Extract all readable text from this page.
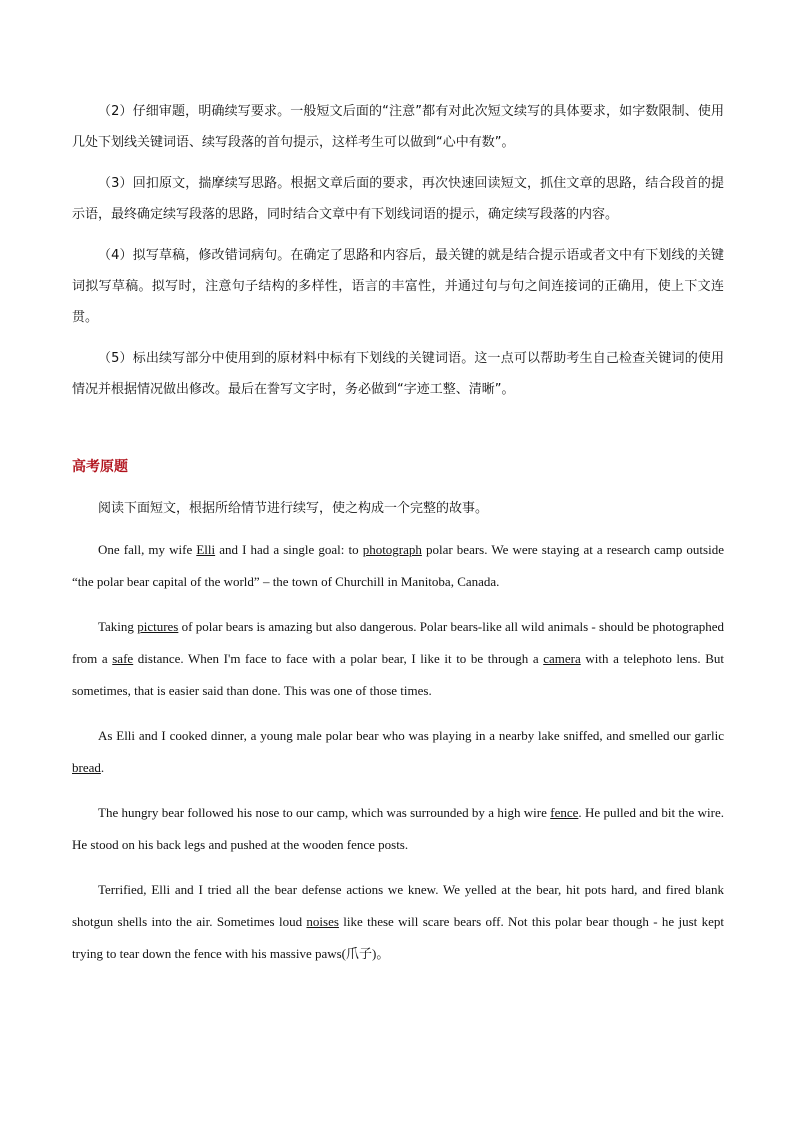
（2）仔细审题，明确续写要求。一般短文后面的“注意”都有对此次短文续写的具体要求，如字数限制、使用几处下划线关键词语、续写段落的首句提示，这样考生可以做到“心中有数”。

（3）回扣原文，揣摩续写思路。根据文章后面的要求，再次快速回读短文，抓住文章的思路，结合段首的提示语，最终确定续写段落的思路，同时结合文章中有下划线词语的提示，确定续写段落的内容。

（4）拟写草稿，修改错词病句。在确定了思路和内容后，最关键的就是结合提示语或者文中有下划线的关键词拟写草稿。拟写时，注意句子结构的多样性，语言的丰富性，并通过句与句之间连接词的正确用，使上下文连贯。

（5）标出续写部分中使用到的原材料中标有下划线的关键词语。这一点可以帮助考生自己检查关键词的使用情况并根据情况做出修改。最后在誊写文字时，务必做到“字迹工整、清晰”。

高考原题

阅读下面短文，根据所给情节进行续写，使之构成一个完整的故事。

One fall, my wife Elli and I had a single goal: to photograph polar bears. We were staying at a research camp outside “the polar bear capital of the world” – the town of Churchill in Manitoba, Canada.

Taking pictures of polar bears is amazing but also dangerous. Polar bears-like all wild animals - should be photographed from a safe distance. When I'm face to face with a polar bear, I like it to be through a camera with a telephoto lens. But sometimes, that is easier said than done. This was one of those times.

As Elli and I cooked dinner, a young male polar bear who was playing in a nearby lake sniffed, and smelled our garlic bread.

The hungry bear followed his nose to our camp, which was surrounded by a high wire fence. He pulled and bit the wire. He stood on his back legs and pushed at the wooden fence posts.

Terrified, Elli and I tried all the bear defense actions we knew. We yelled at the bear, hit pots hard, and fired blank shotgun shells into the air. Sometimes loud noises like these will scare bears off. Not this polar bear though - he just kept trying to tear down the fence with his massive paws(爪子)。
